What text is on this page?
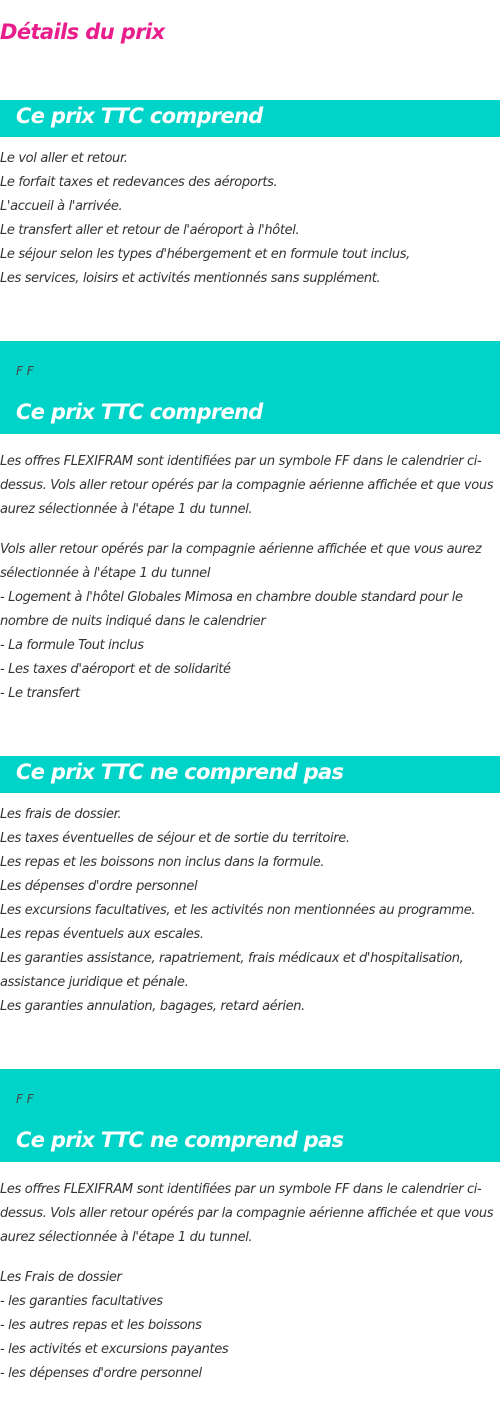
Détails du prix
Ce prix TTC comprend
Le vol aller et retour.
Le forfait taxes et redevances des aéroports.
L'accueil à l'arrivée.
Le transfert aller et retour de l'aéroport à l'hôtel.
Le séjour selon les types d'hébergement et en formule tout inclus,
Les services, loisirs et activités mentionnés sans supplément.
F F
Ce prix TTC comprend
Les offres FLEXIFRAM sont identifiées par un symbole FF dans le calendrier ci-
dessus. Vols aller retour opérés par la compagnie aérienne affichée et que vous
aurez sélectionnée à l'étape 1 du tunnel.
Vols aller retour opérés par la compagnie aérienne affichée et que vous aurez
sélectionnée à l'étape 1 du tunnel
- Logement à l'hôtel Globales Mimosa en chambre double standard pour le
nombre de nuits indiqué dans le calendrier
- La formule Tout inclus
- Les taxes d'aéroport et de solidarité
- Le transfert
Ce prix TTC ne comprend pas
Les frais de dossier.
Les taxes éventuelles de séjour et de sortie du territoire.
Les repas et les boissons non inclus dans la formule.
Les dépenses d'ordre personnel
Les excursions facultatives, et les activités non mentionnées au programme.
Les repas éventuels aux escales.
Les garanties assistance, rapatriement, frais médicaux et d'hospitalisation,
assistance juridique et pénale.
Les garanties annulation, bagages, retard aérien.
F F
Ce prix TTC ne comprend pas
Les offres FLEXIFRAM sont identifiées par un symbole FF dans le calendrier ci-
dessus. Vols aller retour opérés par la compagnie aérienne affichée et que vous
aurez sélectionnée à l'étape 1 du tunnel.
Les Frais de dossier
- les garanties facultatives
- les autres repas et les boissons
- les activités et excursions payantes
- les dépenses d'ordre personnel
